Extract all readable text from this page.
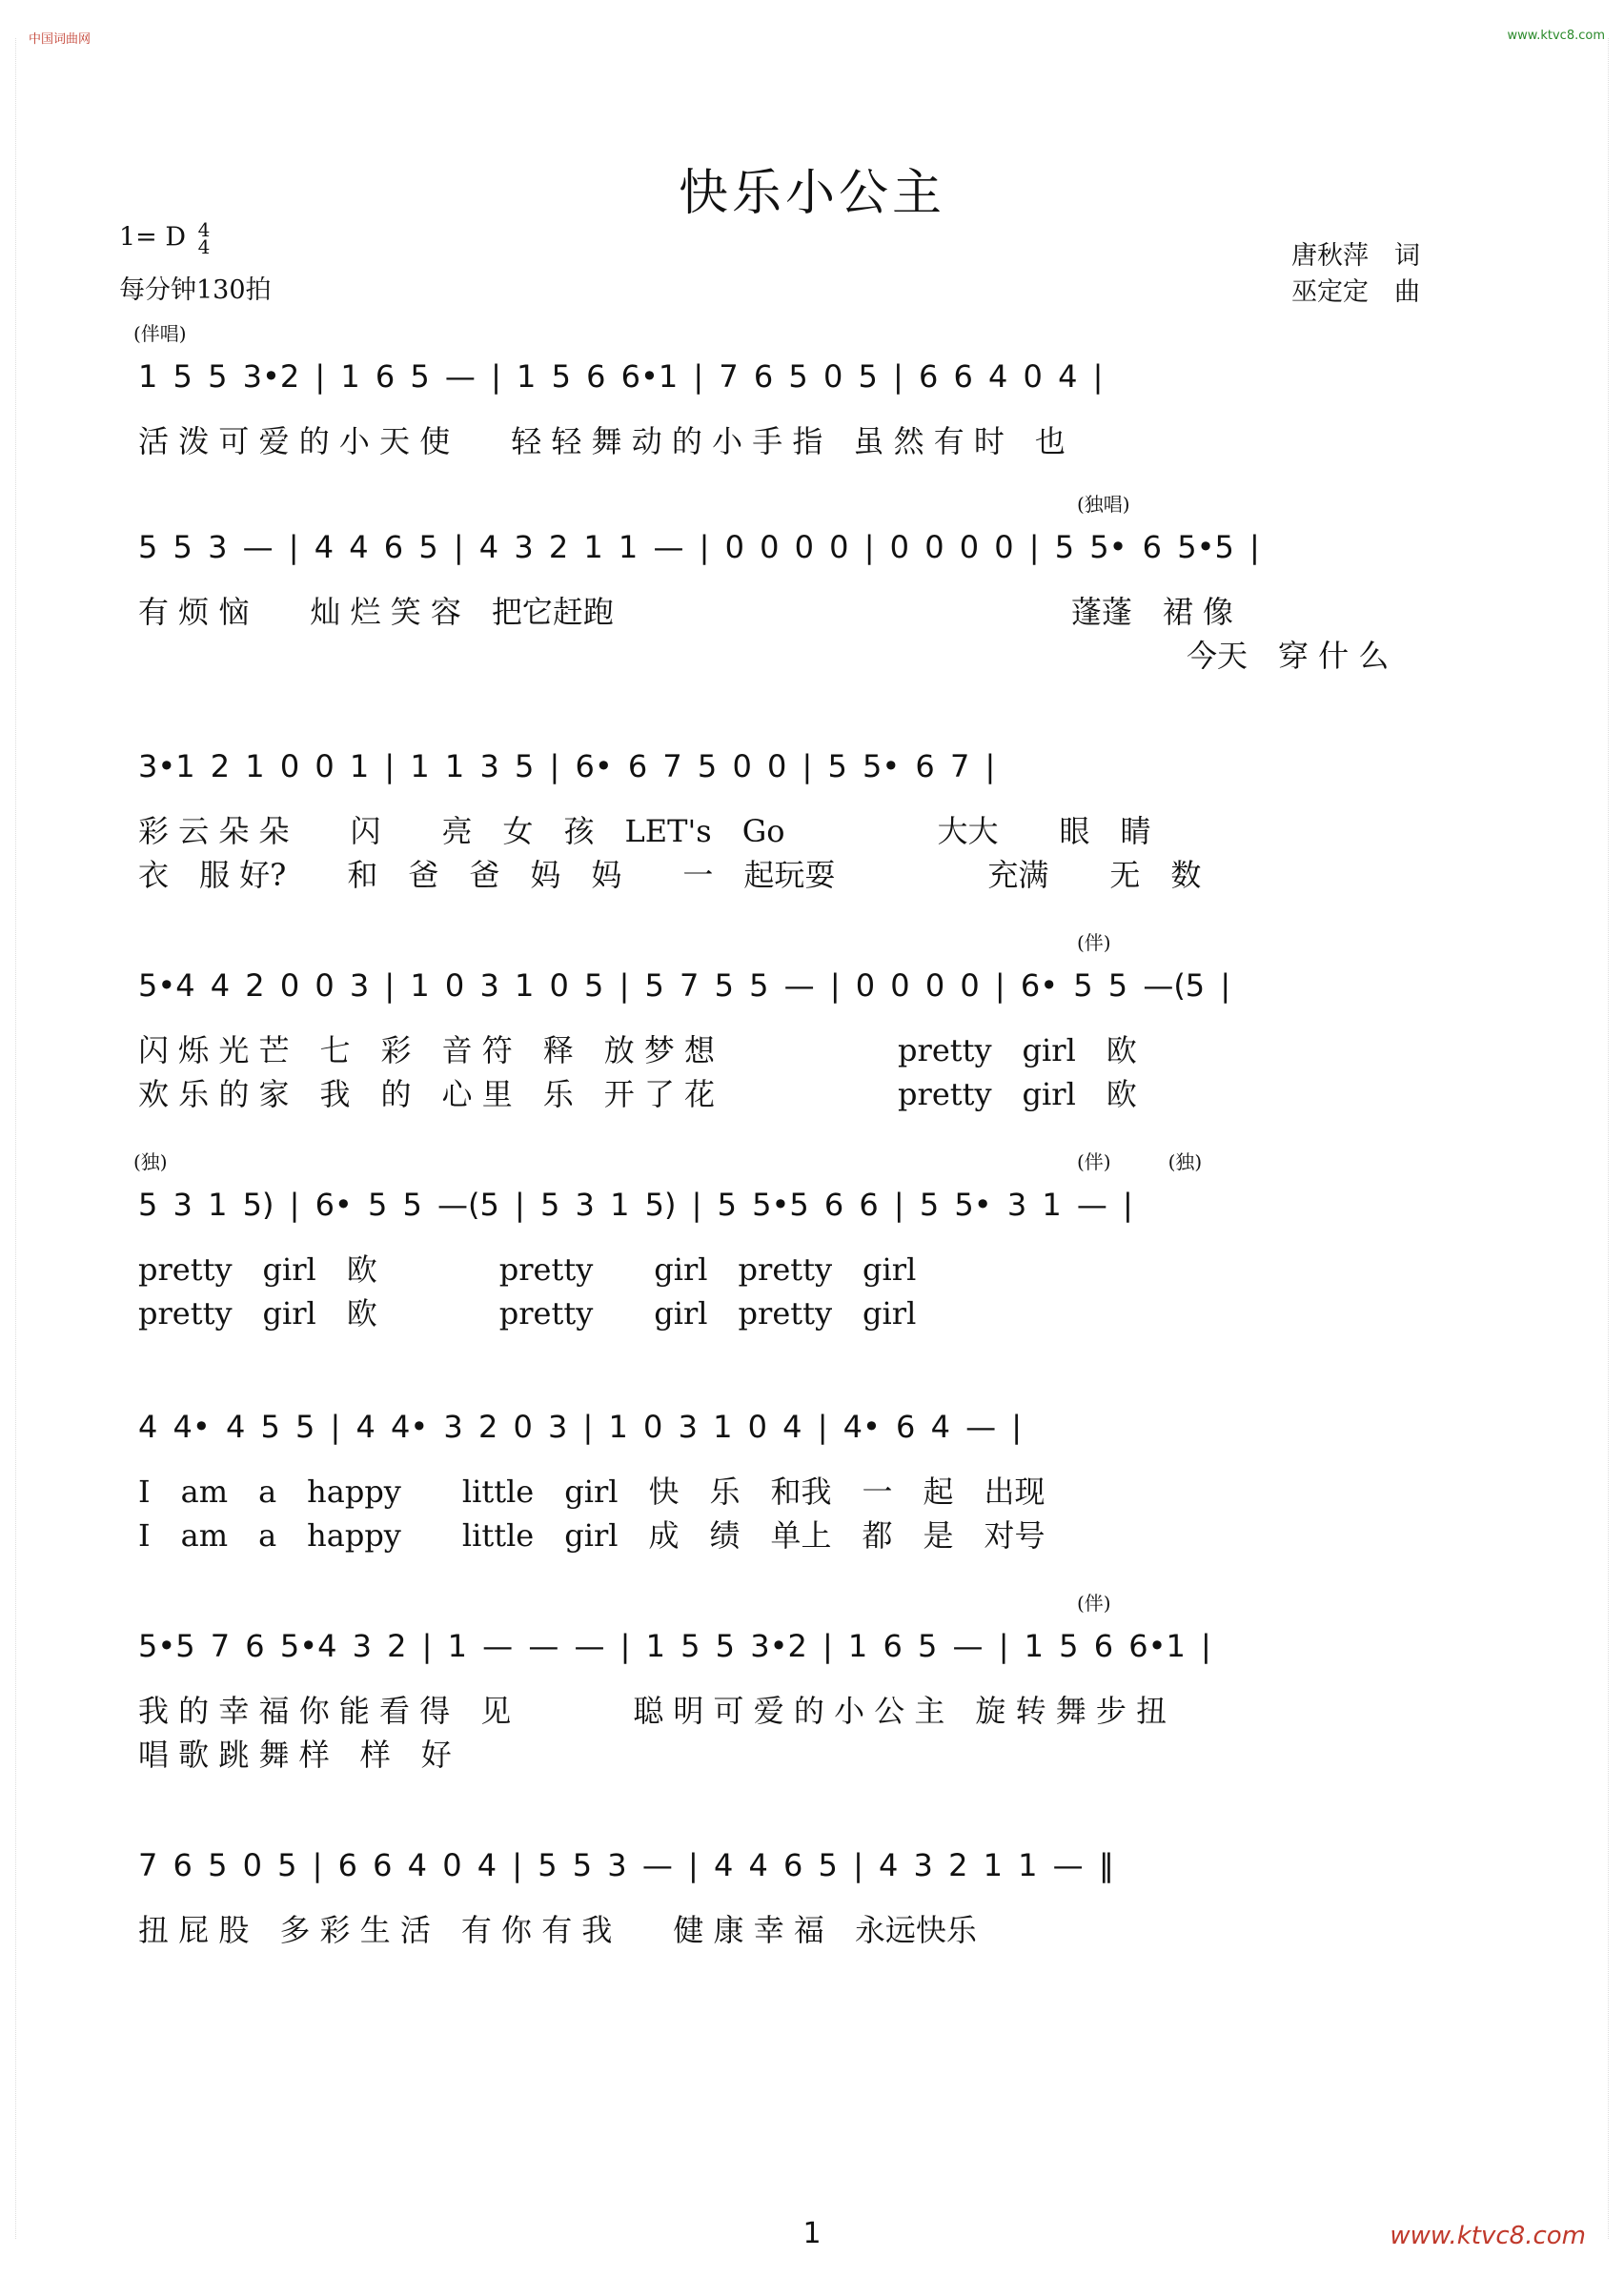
中国词曲网	www.ktvc8.com
快乐小公主
1= D 4
4
每分钟130拍
唐秋萍　词
巫定定　曲
(伴唱)
1 5 5 3•2 | 1 6 5 — | 1 5 6 6•1 | 7 6 5 0 5 | 6 6 4 0 4 |
活 泼 可 爱 的 小 天 使　　轻 轻 舞 动 的 小 手 指　虽 然 有 时　也
(独唱)
5 5 3 — | 4 4 6 5 | 4 3 2 1 1 — | 0 0 0 0 | 0 0 0 0 | 5 5• 6 5•5 |
有 烦 恼　　灿 烂 笑 容　把它赶跑　　　　　　　　　　　　　　　蓬蓬　裙 像
今天　穿 什 么
3•1 2 1 0 0 1 | 1 1 3 5 | 6• 6 7 5 0 0 | 5 5• 6 7 |
彩 云 朵 朵　　闪　　亮　女　孩　LET's　Go　　　　　大大　　眼　睛
衣　服 好?　　和　爸　爸　妈　妈　　一　起玩耍　　　　　充满　　无　数
(伴)
5•4 4 2 0 0 3 | 1 0 3 1 0 5 | 5 7 5 5 — | 0 0 0 0 | 6• 5 5 —(5 |
闪 烁 光 芒　七　彩　音 符　释　放 梦 想　　　　　　pretty　girl　欧
欢 乐 的 家　我　的　心 里　乐　开 了 花　　　　　　pretty　girl　欧
(独)	(伴)　　　(独)
5 3 1 5) | 6• 5 5 —(5 | 5 3 1 5) | 5 5•5 6 6 | 5 5• 3 1 — |
pretty　girl　欧　　　　pretty　　girl　pretty　girl
pretty　girl　欧　　　　pretty　　girl　pretty　girl
4 4• 4 5 5 | 4 4• 3 2 0 3 | 1 0 3 1 0 4 | 4• 6 4 — |
I　am　a　happy　　little　girl　快　乐　和我　一　起　出现
I　am　a　happy　　little　girl　成　绩　单上　都　是　对号
(伴)
5•5 7 6 5•4 3 2 | 1 — — — | 1 5 5 3•2 | 1 6 5 — | 1 5 6 6•1 |
我 的 幸 福 你 能 看 得　见　　　　聪 明 可 爱 的 小 公 主　旋 转 舞 步 扭
唱 歌 跳 舞 样　样　好
7 6 5 0 5 | 6 6 4 0 4 | 5 5 3 — | 4 4 6 5 | 4 3 2 1 1 — ‖
扭 屁 股　多 彩 生 活　有 你 有 我　　健 康 幸 福　永远快乐
1	www.ktvc8.com
